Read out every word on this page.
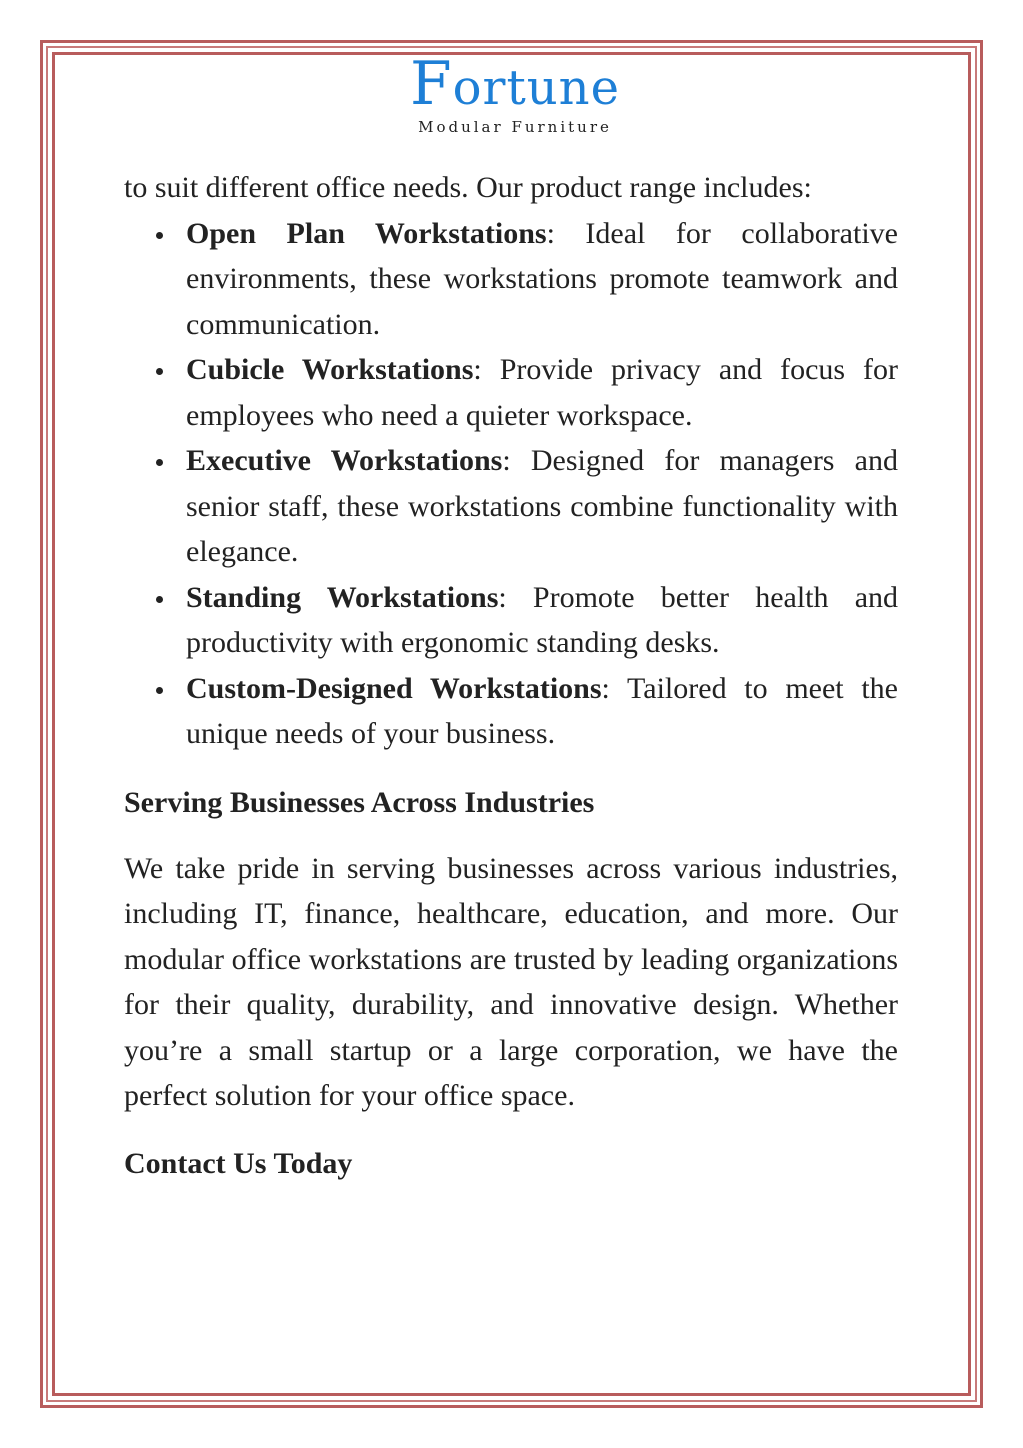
Fortune
Modular Furniture

to suit different office needs. Our product range includes:

Open Plan Workstations: Ideal for collaborative environments, these workstations promote teamwork and communication.
Cubicle Workstations: Provide privacy and focus for employees who need a quieter workspace.
Executive Workstations: Designed for managers and senior staff, these workstations combine functionality with elegance.
Standing Workstations: Promote better health and productivity with ergonomic standing desks.
Custom-Designed Workstations: Tailored to meet the unique needs of your business.
Serving Businesses Across Industries

We take pride in serving businesses across various industries, including IT, finance, healthcare, education, and more. Our modular office workstations are trusted by leading organizations for their quality, durability, and innovative design. Whether you’re a small startup or a large corporation, we have the perfect solution for your office space.

Contact Us Today
